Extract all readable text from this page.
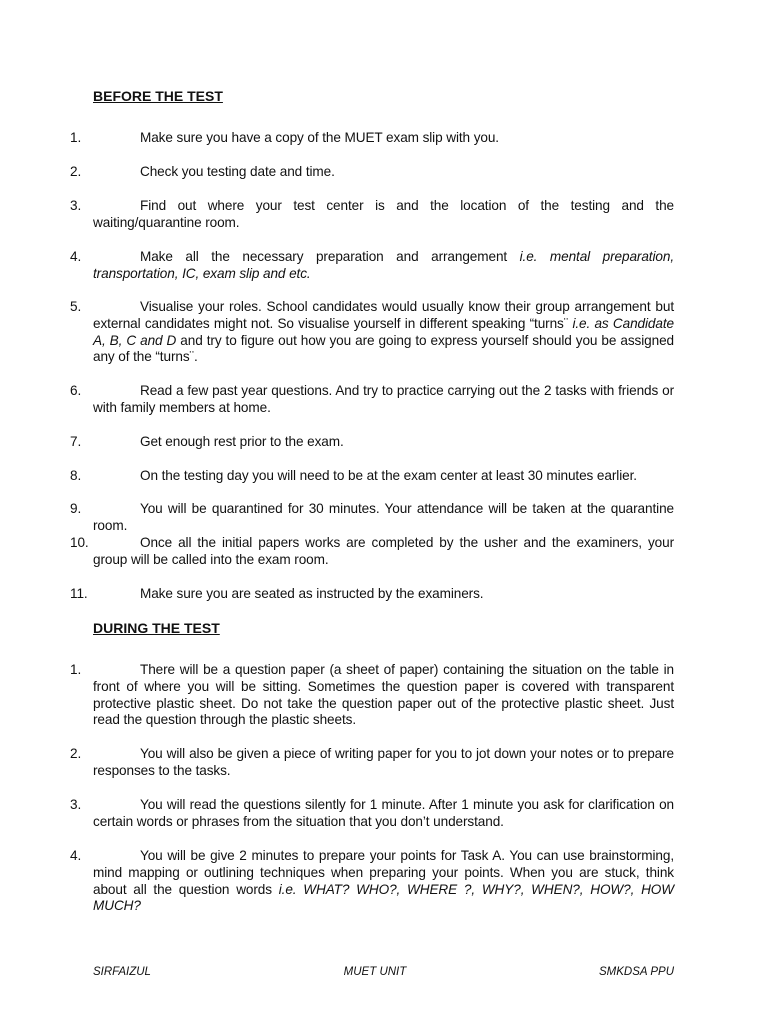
BEFORE THE TEST
1.	Make sure you have a copy of the MUET exam slip with you.
2.	Check you testing date and time.
3.	Find out where your test center is and the location of the testing and the waiting/quarantine room.
4.	Make all the necessary preparation and arrangement i.e. mental preparation, transportation, IC, exam slip and etc.
5.	Visualise your roles. School candidates would usually know their group arrangement but external candidates might not. So visualise yourself in different speaking “turns¨ i.e. as Candidate A, B, C and D and try to figure out how you are going to express yourself should you be assigned any of the “turns¨.
6.	Read a few past year questions. And try to practice carrying out the 2 tasks with friends or with family members at home.
7.	Get enough rest prior to the exam.
8.	On the testing day you will need to be at the exam center at least 30 minutes earlier.
9.	You will be quarantined for 30 minutes. Your attendance will be taken at the quarantine room.
10.	Once all the initial papers works are completed by the usher and the examiners, your group will be called into the exam room.
11.	Make sure you are seated as instructed by the examiners.
DURING THE TEST
1.	There will be a question paper (a sheet of paper) containing the situation on the table in front of where you will be sitting. Sometimes the question paper is covered with transparent protective plastic sheet. Do not take the question paper out of the protective plastic sheet. Just read the question through the plastic sheets.
2.	You will also be given a piece of writing paper for you to jot down your notes or to prepare responses to the tasks.
3.	You will read the questions silently for 1 minute. After 1 minute you ask for clarification on certain words or phrases from the situation that you don’t understand.
4.	You will be give 2 minutes to prepare your points for Task A. You can use brainstorming, mind mapping or outlining techniques when preparing your points. When you are stuck, think about all the question words i.e. WHAT? WHO?, WHERE ?, WHY?, WHEN?, HOW?, HOW MUCH?
SIRFAIZUL	MUET UNIT	SMKDSA PPU
